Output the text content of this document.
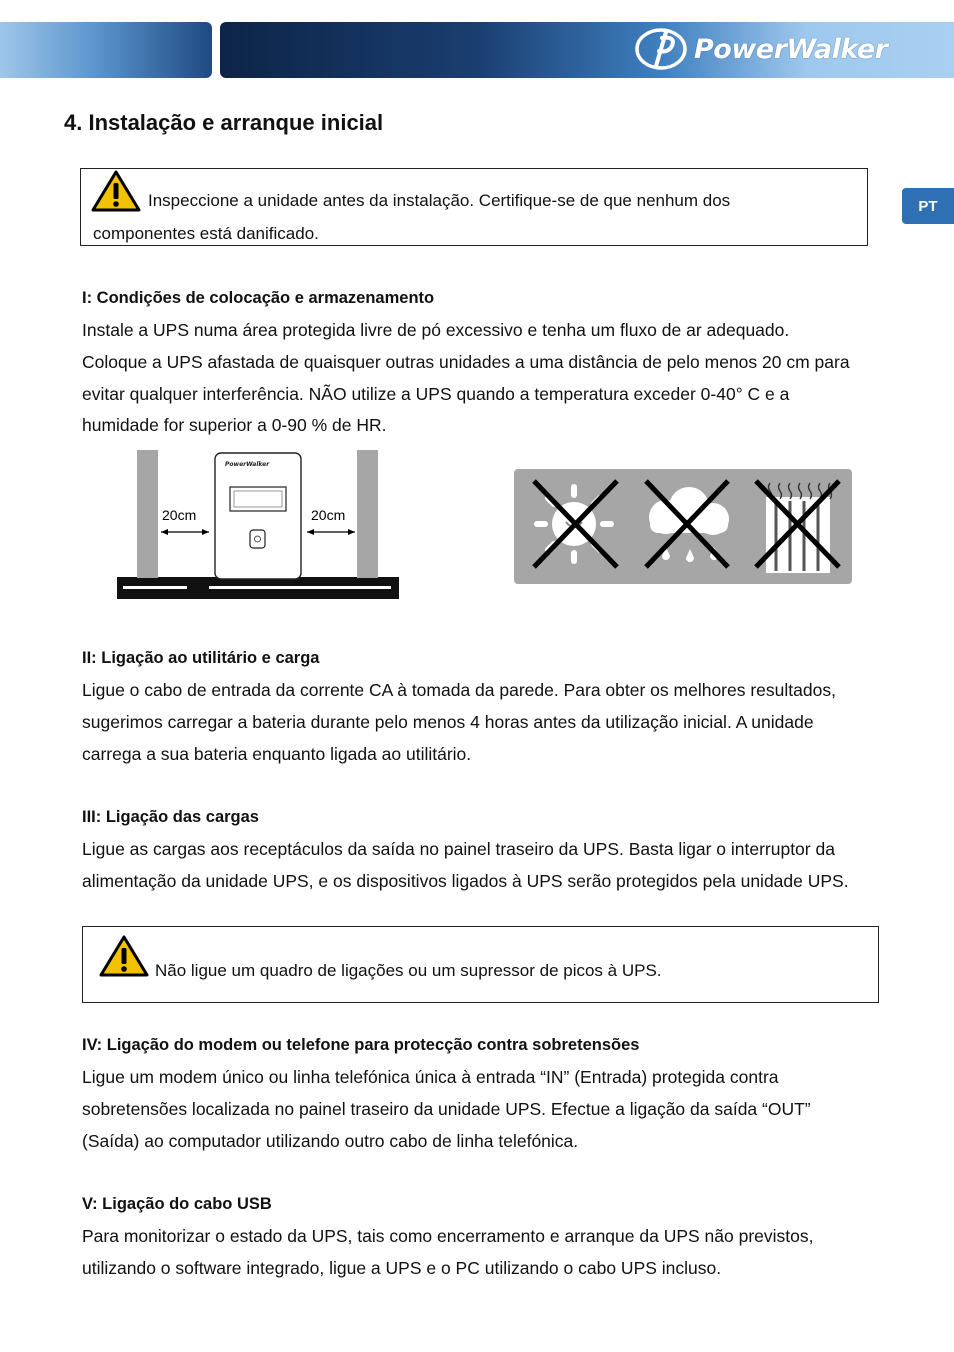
PowerWalker
4. Instalação e arranque inicial
PT
Inspeccione a unidade antes da instalação. Certifique-se de que nenhum dos
componentes está danificado.
I: Condições de colocação e armazenamento
Instale a UPS numa área protegida livre de pó excessivo e tenha um fluxo de ar adequado.
Coloque a UPS afastada de quaisquer outras unidades a uma distância de pelo menos 20 cm para
evitar qualquer interferência. NÃO utilize a UPS quando a temperatura exceder 0-40° C e a
humidade for superior a 0-90 % de HR.
PowerWalker
20cm	20cm
II: Ligação ao utilitário e carga
Ligue o cabo de entrada da corrente CA à tomada da parede. Para obter os melhores resultados,
sugerimos carregar a bateria durante pelo menos 4 horas antes da utilização inicial. A unidade
carrega a sua bateria enquanto ligada ao utilitário.
III: Ligação das cargas
Ligue as cargas aos receptáculos da saída no painel traseiro da UPS. Basta ligar o interruptor da
alimentação da unidade UPS, e os dispositivos ligados à UPS serão protegidos pela unidade UPS.
Não ligue um quadro de ligações ou um supressor de picos à UPS.
IV: Ligação do modem ou telefone para protecção contra sobretensões
Ligue um modem único ou linha telefónica única à entrada “IN” (Entrada) protegida contra
sobretensões localizada no painel traseiro da unidade UPS. Efectue a ligação da saída “OUT”
(Saída) ao computador utilizando outro cabo de linha telefónica.
V: Ligação do cabo USB
Para monitorizar o estado da UPS, tais como encerramento e arranque da UPS não previstos,
utilizando o software integrado, ligue a UPS e o PC utilizando o cabo UPS incluso.
